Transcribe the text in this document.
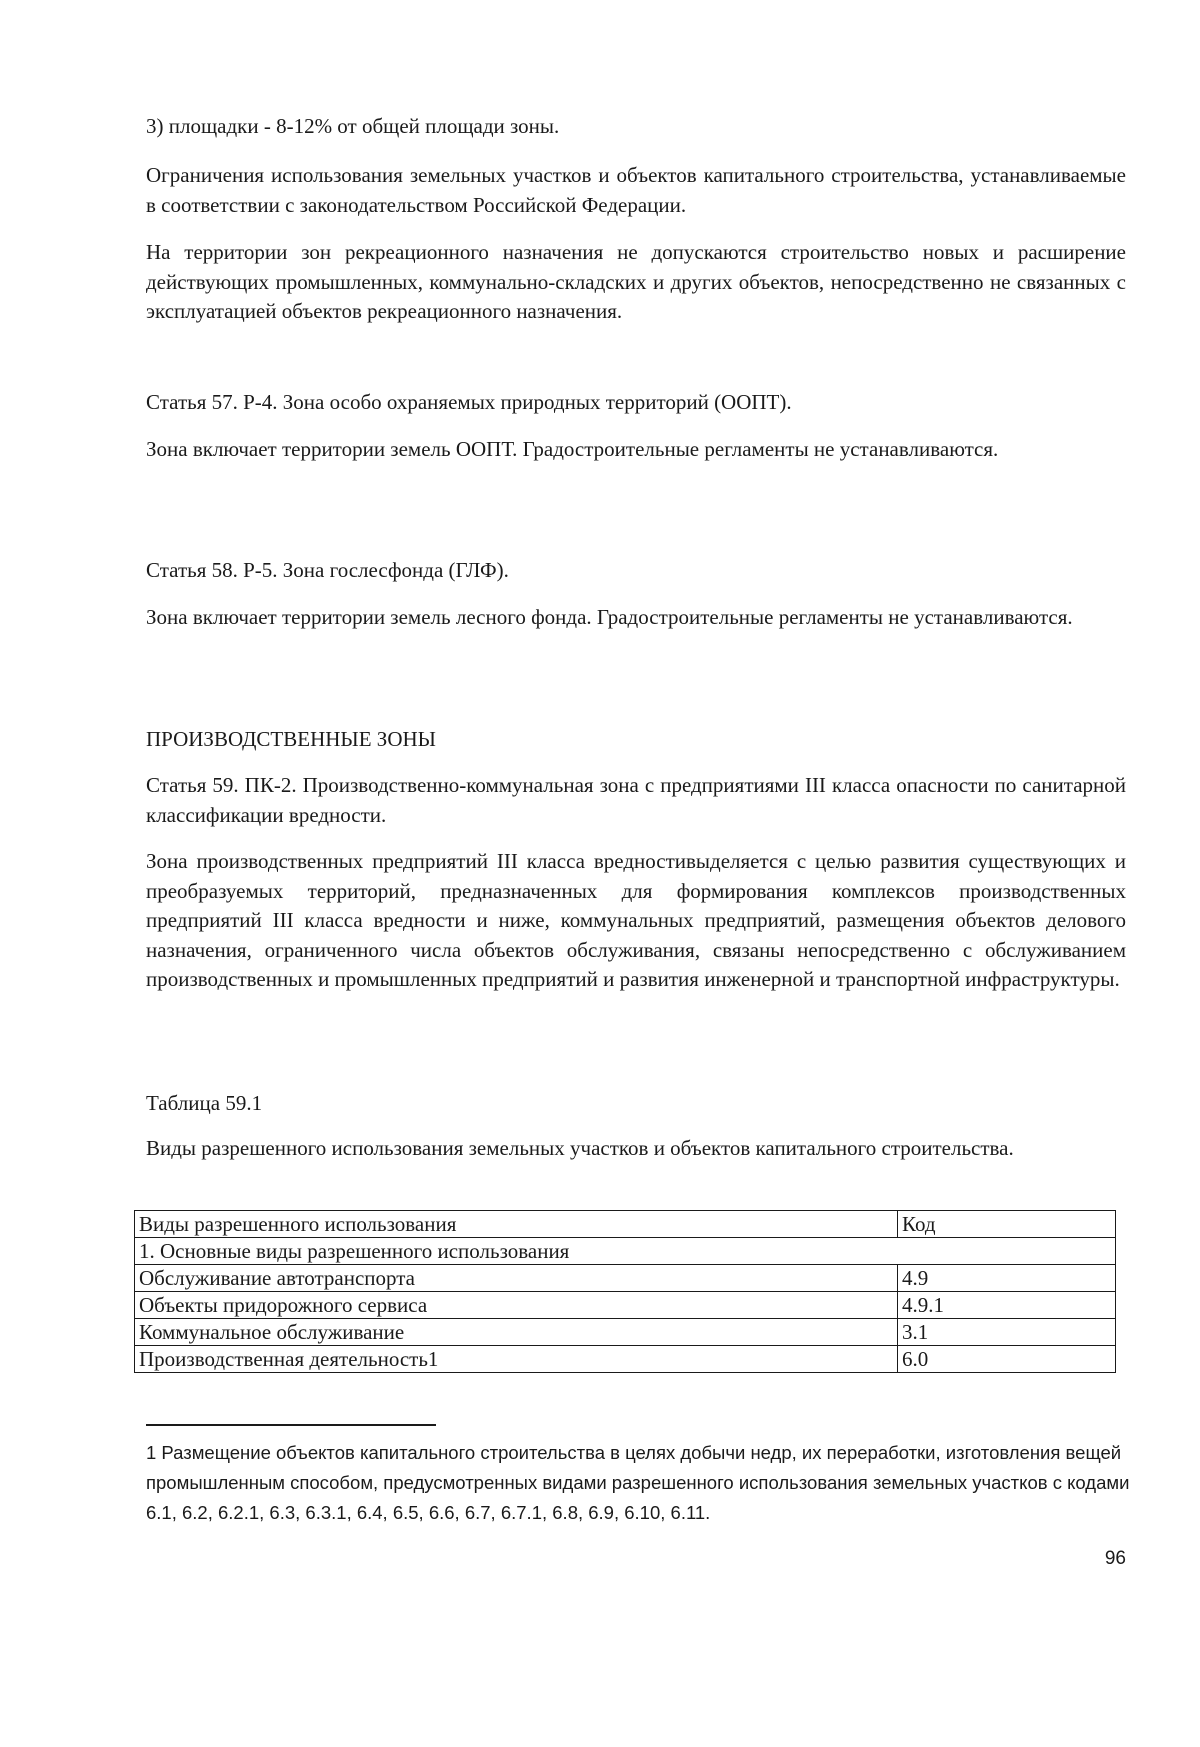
3) площадки - 8-12% от общей площади зоны.

Ограничения использования земельных участков и объектов капитального строительства, устанавливаемые в соответствии с законодательством Российской Федерации.

На территории зон рекреационного назначения не допускаются строительство новых и расширение действующих промышленных, коммунально-складских и других объектов, непосредственно не связанных с эксплуатацией объектов рекреационного назначения.

Статья 57. Р-4. Зона особо охраняемых природных территорий (ООПТ).

Зона включает территории земель ООПТ. Градостроительные регламенты не устанавливаются.

Статья 58. Р-5. Зона гослесфонда (ГЛФ).

Зона включает территории земель лесного фонда. Градостроительные регламенты не устанавливаются.

ПРОИЗВОДСТВЕННЫЕ ЗОНЫ

Статья 59. ПК-2. Производственно-коммунальная зона с предприятиями III класса опасности по санитарной классификации вредности.

Зона производственных предприятий III класса вредностивыделяется с целью развития существующих и преобразуемых территорий, предназначенных для формирования комплексов производственных предприятий III класса вредности и ниже, коммунальных предприятий, размещения объектов делового назначения, ограниченного числа объектов обслуживания, связаны непосредственно с обслуживанием производственных и промышленных предприятий и развития инженерной и транспортной инфраструктуры.

Таблица 59.1

Виды разрешенного использования земельных участков и объектов капитального строительства.

Виды разрешенного использования	Код
1. Основные виды разрешенного использования	
Обслуживание автотранспорта	4.9
Объекты придорожного сервиса	4.9.1
Коммунальное обслуживание	3.1
Производственная деятельность1	6.0

1 Размещение объектов капитального строительства в целях добычи недр, их переработки, изготовления вещей промышленным способом, предусмотренных видами разрешенного использования земельных участков с кодами 6.1, 6.2, 6.2.1, 6.3, 6.3.1, 6.4, 6.5, 6.6, 6.7, 6.7.1, 6.8, 6.9, 6.10, 6.11.

96
